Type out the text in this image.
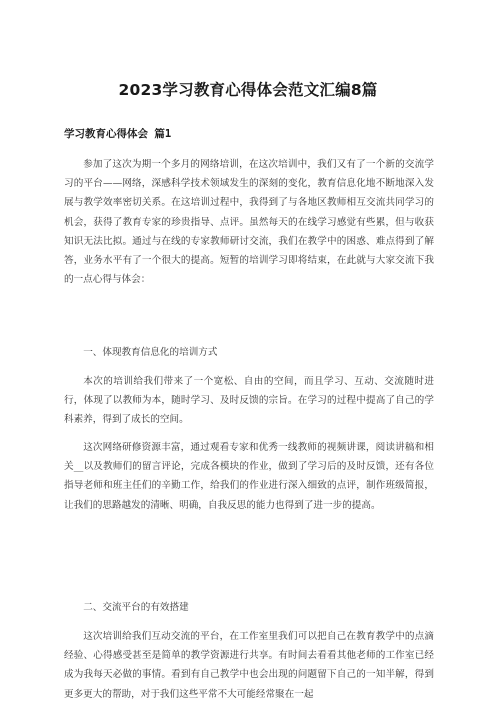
2023学习教育心得体会范文汇编8篇
学习教育心得体会 篇1

参加了这次为期一个多月的网络培训，在这次培训中，我们又有了一个新的交流学习的平台——网络，深感科学技术领域发生的深刻的变化，教育信息化地不断地深入发展与教学效率密切关系。在这培训过程中，我得到了与各地区教师相互交流共同学习的机会，获得了教育专家的珍贵指导、点评。虽然每天的在线学习感觉有些累，但与收获知识无法比拟。通过与在线的专家教师研讨交流，我们在教学中的困惑、难点得到了解答，业务水平有了一个很大的提高。短暂的培训学习即将结束，在此就与大家交流下我的一点心得与体会：

一、体现教育信息化的培训方式

本次的培训给我们带来了一个宽松、自由的空间，而且学习、互动、交流随时进行，体现了以教师为本，随时学习、及时反馈的宗旨。在学习的过程中提高了自己的学科素养，得到了成长的空间。

这次网络研修资源丰富，通过观看专家和优秀一线教师的视频讲课，阅读讲稿和相关__以及教师们的留言评论，完成各模块的作业，做到了学习后的及时反馈，还有各位指导老师和班主任们的辛勤工作，给我们的作业进行深入细致的点评，制作班级简报，让我们的思路越发的清晰、明确，自我反思的能力也得到了进一步的提高。

二、交流平台的有效搭建

这次培训给我们互动交流的平台，在工作室里我们可以把自己在教育教学中的点滴经验、心得感受甚至是简单的教学资源进行共享。有时间去看看其他老师的工作室已经成为我每天必做的事情。看到有自己教学中也会出现的问题留下自己的一知半解，得到更多更大的帮助，对于我们这些平常不大可能经常聚在一起
